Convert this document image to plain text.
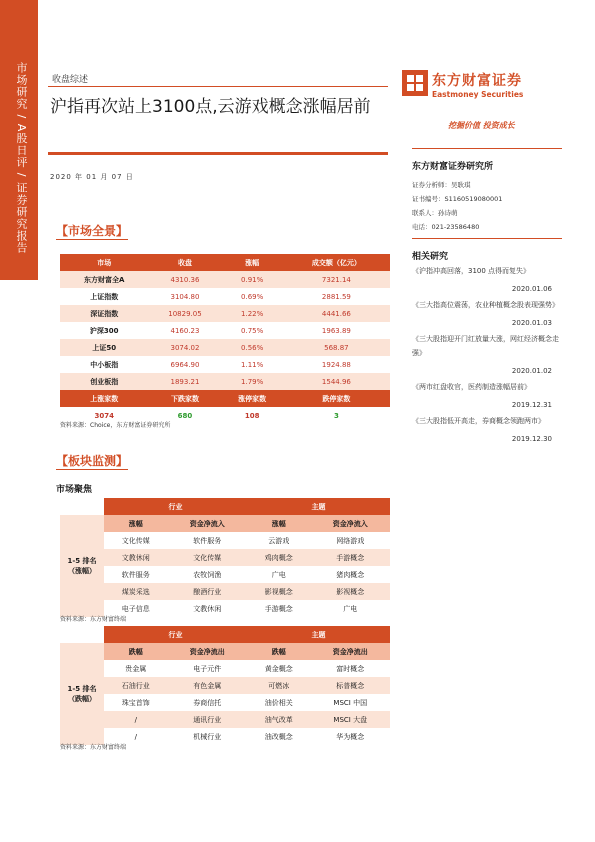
市场研究 / A股日评 / 证券研究报告	收盘综述
沪指再次站上3100点,云游戏概念涨幅居前
2020 年 01 月 07 日
东方财富证券
Eastmoney Securities
挖掘价值 投资成长
东方财富证券研究所
证券分析师：吴耿琪
证书编号：S1160519080001
联系人：孙诗萌
电话：021-23586480
相关研究
《沪指冲高回落，3100 点得而复失》
2020.01.06
《三大指高位震荡，农业种植概念股表现强势》
2020.01.03
《三大股指迎开门红放量大涨，网红经济概念走强》
2020.01.02
《两市红盘收官，医药制造涨幅居前》
2019.12.31
《三大股指低开高走，券商概念领跑两市》
2019.12.30
【市场全景】
市场	收盘	涨幅	成交额（亿元）
东方财富全A	4310.36	0.91%	7321.14
上证指数	3104.80	0.69%	2881.59
深证指数	10829.05	1.22%	4441.66
沪深300	4160.23	0.75%	1963.89
上证50	3074.02	0.56%	568.87
中小板指	6964.90	1.11%	1924.88
创业板指	1893.21	1.79%	1544.96
上涨家数	下跌家数	涨停家数	跌停家数
3074	680	108	3
资料来源：Choice，东方财富证券研究所
【板块监测】
市场聚焦
	行业		主题	
1-5 排名
（涨幅）	涨幅	资金净流入	涨幅	资金净流入
	文化传媒	软件服务	云游戏	网络游戏
	文教休闲	文化传媒	鸡肉概念	手游概念
	软件服务	农牧饲渔	广电	猪肉概念
	煤炭采选	酿酒行业	影视概念	影视概念
	电子信息	文教休闲	手游概念	广电
资料来源：东方财富终端
	行业		主题	
1-5 排名
（跌幅）	跌幅	资金净流出	跌幅	资金净流出
	贵金属	电子元件	黄金概念	富时概念
	石油行业	有色金属	可燃冰	标普概念
	珠宝首饰	券商信托	油价相关	MSCI 中国
	/	通讯行业	油气改革	MSCI 大盘
	/	机械行业	油改概念	华为概念
资料来源：东方财富终端
